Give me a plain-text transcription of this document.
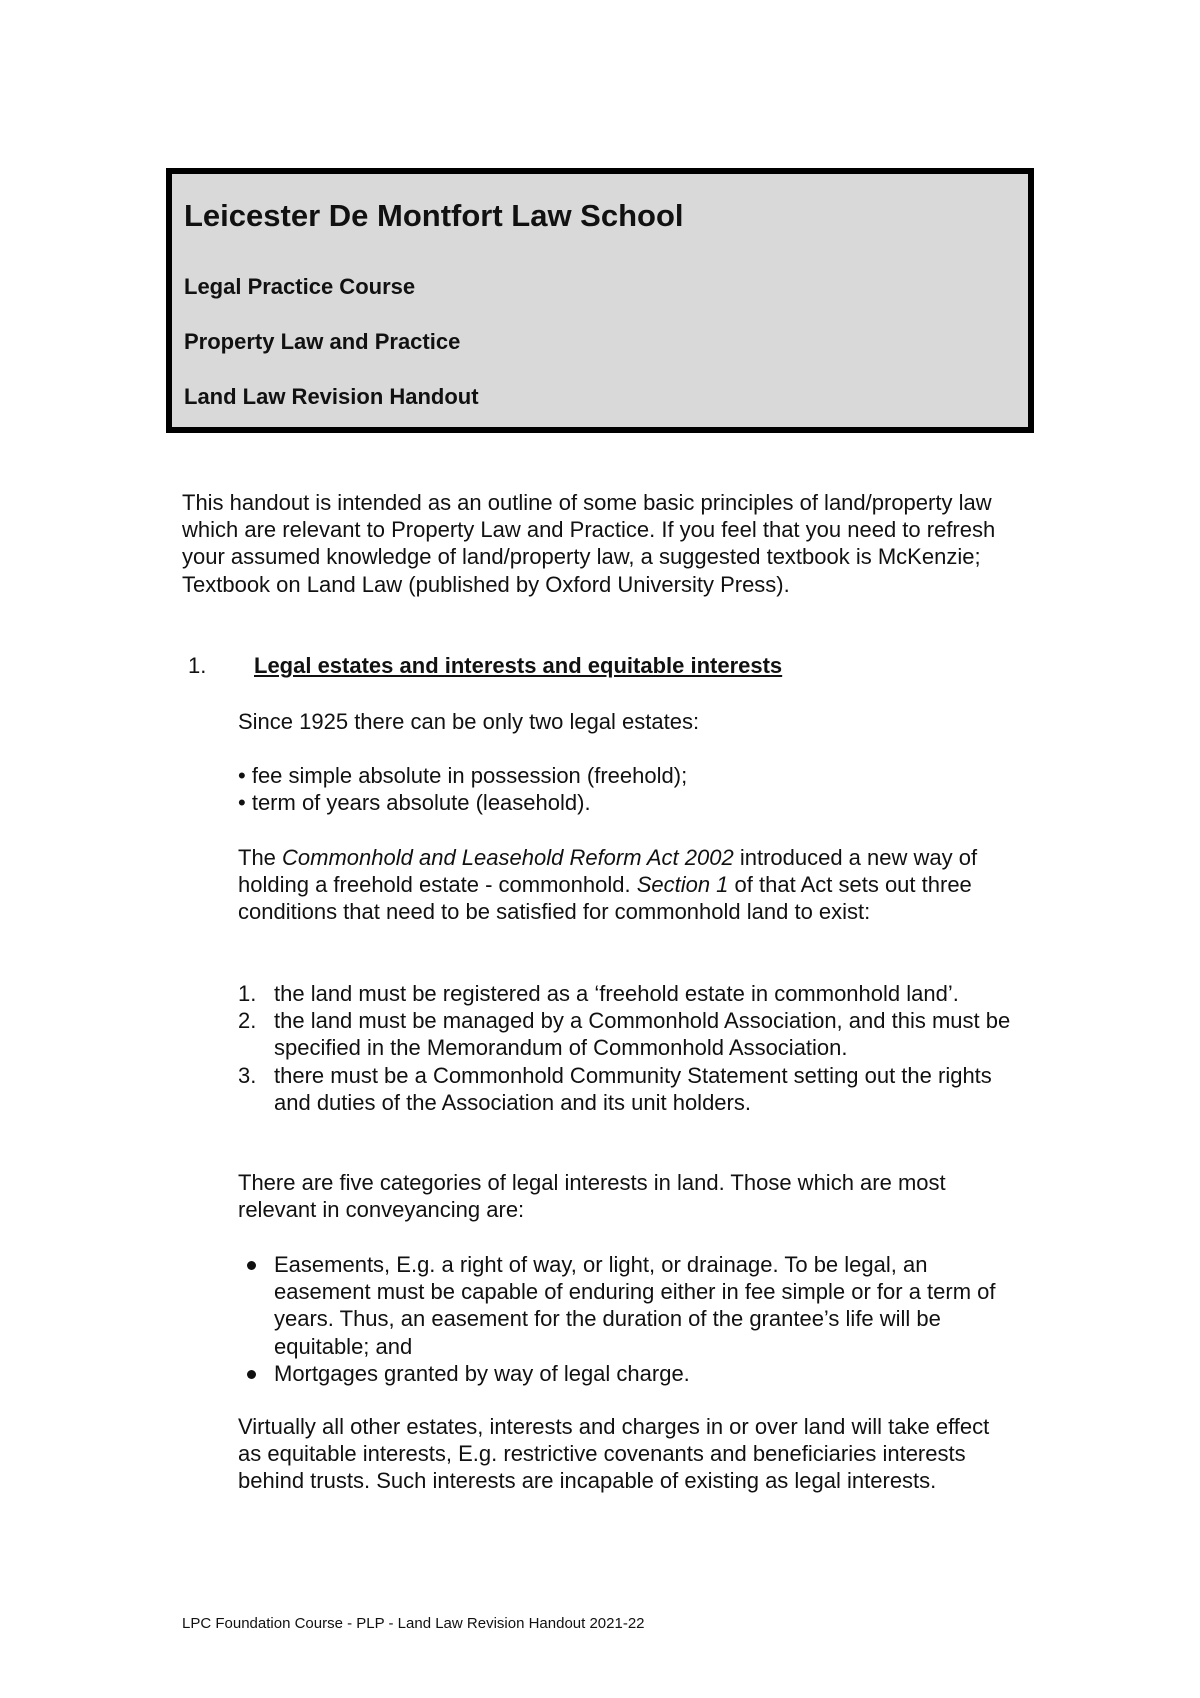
Leicester De Montfort Law School
Legal Practice Course
Property Law and Practice
Land Law Revision Handout

This handout is intended as an outline of some basic principles of land/property law which are relevant to Property Law and Practice. If you feel that you need to refresh your assumed knowledge of land/property law, a suggested textbook is McKenzie; Textbook on Land Law (published by Oxford University Press).

1. Legal estates and interests and equitable interests

Since 1925 there can be only two legal estates:

• fee simple absolute in possession (freehold);
• term of years absolute (leasehold).

The Commonhold and Leasehold Reform Act 2002 introduced a new way of holding a freehold estate - commonhold. Section 1 of that Act sets out three conditions that need to be satisfied for commonhold land to exist:

1. the land must be registered as a ‘freehold estate in commonhold land’.
2. the land must be managed by a Commonhold Association, and this must be specified in the Memorandum of Commonhold Association.
3. there must be a Commonhold Community Statement setting out the rights and duties of the Association and its unit holders.

There are five categories of legal interests in land. Those which are most relevant in conveyancing are:

Easements, E.g. a right of way, or light, or drainage. To be legal, an easement must be capable of enduring either in fee simple or for a term of years. Thus, an easement for the duration of the grantee’s life will be equitable; and
Mortgages granted by way of legal charge.

Virtually all other estates, interests and charges in or over land will take effect as equitable interests, E.g. restrictive covenants and beneficiaries interests behind trusts. Such interests are incapable of existing as legal interests.

LPC Foundation Course - PLP - Land Law Revision Handout 2021-22
